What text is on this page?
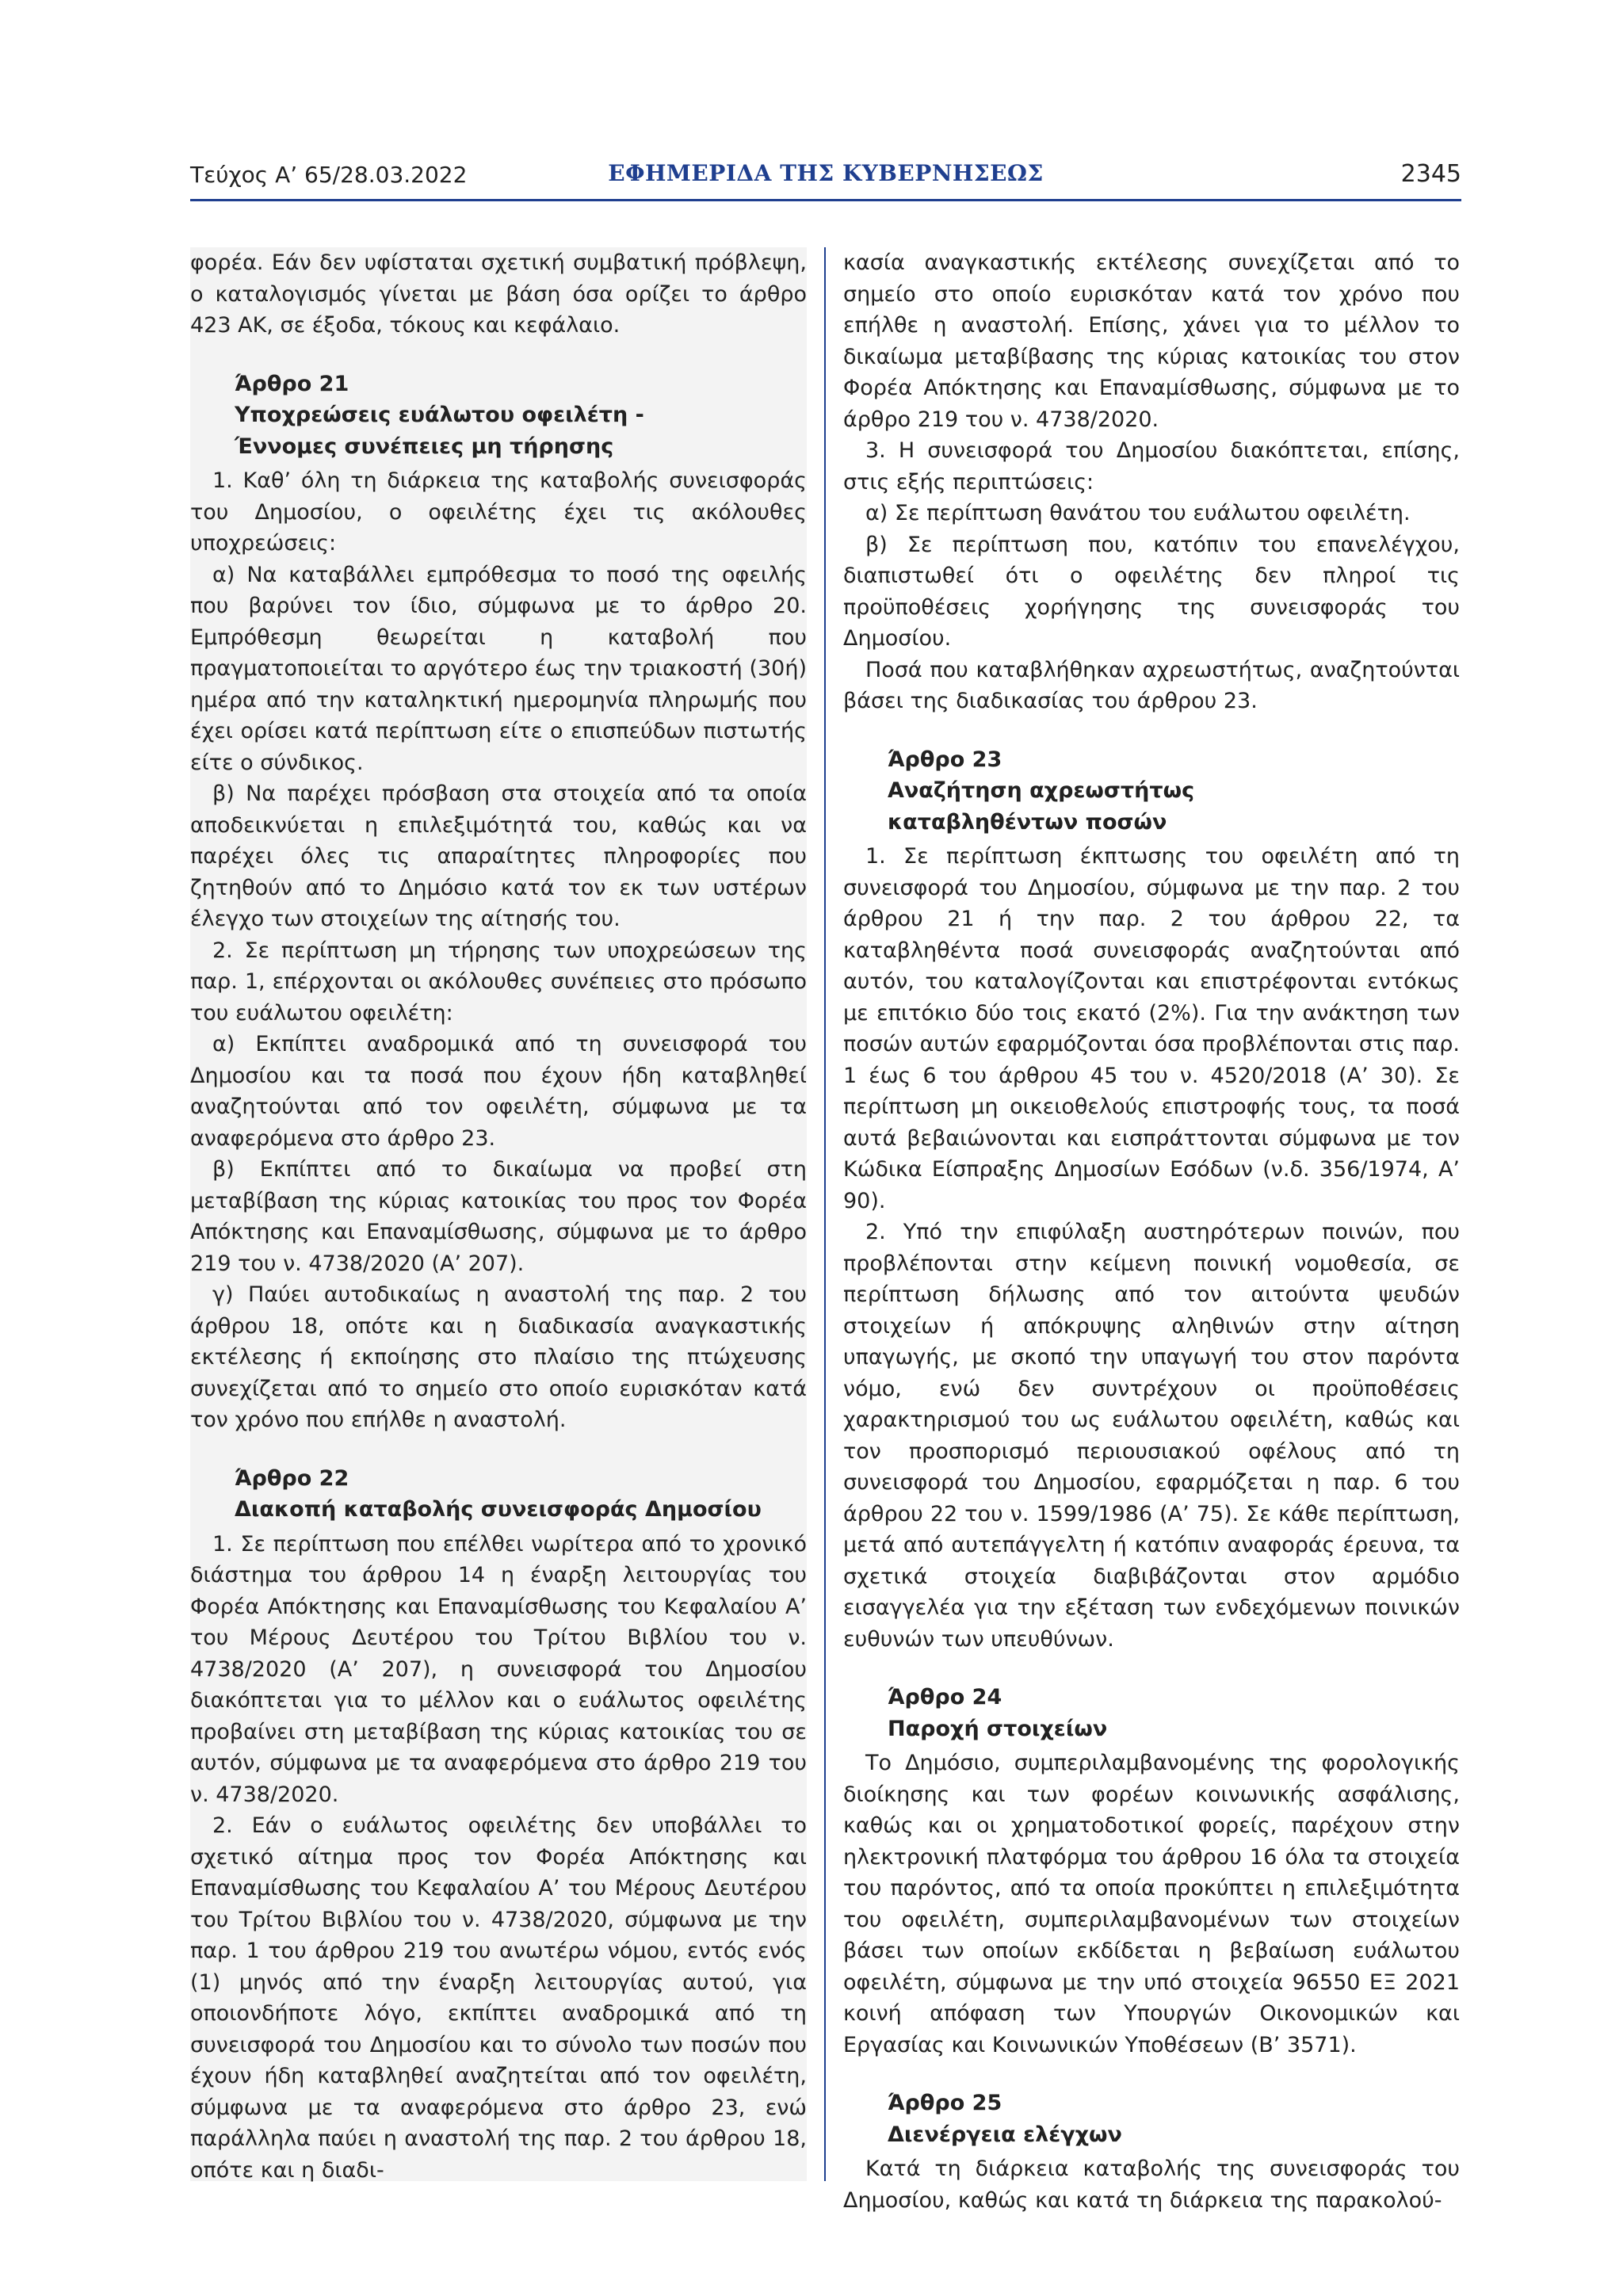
Τεύχος Α’ 65/28.03.2022	ΕΦΗΜΕΡΙΔΑ ΤΗΣ ΚΥΒΕΡΝΗΣΕΩΣ	2345

φορέα. Εάν δεν υφίσταται σχετική συμβατική πρόβλεψη, ο καταλογισμός γίνεται με βάση όσα ορίζει το άρθρο 423 ΑΚ, σε έξοδα, τόκους και κεφάλαιο.

Άρθρο 21
Υποχρεώσεις ευάλωτου οφειλέτη -
Έννομες συνέπειες μη τήρησης

1. Καθ’ όλη τη διάρκεια της καταβολής συνεισφοράς του Δημοσίου, ο οφειλέτης έχει τις ακόλουθες υποχρεώσεις:

α) Να καταβάλλει εμπρόθεσμα το ποσό της οφειλής που βαρύνει τον ίδιο, σύμφωνα με το άρθρο 20. Εμπρόθεσμη θεωρείται η καταβολή που πραγματοποιείται το αργότερο έως την τριακοστή (30ή) ημέρα από την καταληκτική ημερομηνία πληρωμής που έχει ορίσει κατά περίπτωση είτε ο επισπεύδων πιστωτής είτε ο σύνδικος.

β) Να παρέχει πρόσβαση στα στοιχεία από τα οποία αποδεικνύεται η επιλεξιμότητά του, καθώς και να παρέχει όλες τις απαραίτητες πληροφορίες που ζητηθούν από το Δημόσιο κατά τον εκ των υστέρων έλεγχο των στοιχείων της αίτησής του.

2. Σε περίπτωση μη τήρησης των υποχρεώσεων της παρ. 1, επέρχονται οι ακόλουθες συνέπειες στο πρόσωπο του ευάλωτου οφειλέτη:

α) Εκπίπτει αναδρομικά από τη συνεισφορά του Δημοσίου και τα ποσά που έχουν ήδη καταβληθεί αναζητούνται από τον οφειλέτη, σύμφωνα με τα αναφερόμενα στο άρθρο 23.

β) Εκπίπτει από το δικαίωμα να προβεί στη μεταβίβαση της κύριας κατοικίας του προς τον Φορέα Απόκτησης και Επαναμίσθωσης, σύμφωνα με το άρθρο 219 του ν. 4738/2020 (Α’ 207).

γ) Παύει αυτοδικαίως η αναστολή της παρ. 2 του άρθρου 18, οπότε και η διαδικασία αναγκαστικής εκτέλεσης ή εκποίησης στο πλαίσιο της πτώχευσης συνεχίζεται από το σημείο στο οποίο ευρισκόταν κατά τον χρόνο που επήλθε η αναστολή.

Άρθρο 22
Διακοπή καταβολής συνεισφοράς Δημοσίου

1. Σε περίπτωση που επέλθει νωρίτερα από το χρονικό διάστημα του άρθρου 14 η έναρξη λειτουργίας του Φορέα Απόκτησης και Επαναμίσθωσης του Κεφαλαίου Α’ του Μέρους Δευτέρου του Τρίτου Βιβλίου του ν. 4738/2020 (Α’ 207), η συνεισφορά του Δημοσίου διακόπτεται για το μέλλον και ο ευάλωτος οφειλέτης προβαίνει στη μεταβίβαση της κύριας κατοικίας του σε αυτόν, σύμφωνα με τα αναφερόμενα στο άρθρο 219 του ν. 4738/2020.

2. Εάν ο ευάλωτος οφειλέτης δεν υποβάλλει το σχετικό αίτημα προς τον Φορέα Απόκτησης και Επαναμίσθωσης του Κεφαλαίου Α’ του Μέρους Δευτέρου του Τρίτου Βιβλίου του ν. 4738/2020, σύμφωνα με την παρ. 1 του άρθρου 219 του ανωτέρω νόμου, εντός ενός (1) μηνός από την έναρξη λειτουργίας αυτού, για οποιονδήποτε λόγο, εκπίπτει αναδρομικά από τη συνεισφορά του Δημοσίου και το σύνολο των ποσών που έχουν ήδη καταβληθεί αναζητείται από τον οφειλέτη, σύμφωνα με τα αναφερόμενα στο άρθρο 23, ενώ παράλληλα παύει η αναστολή της παρ. 2 του άρθρου 18, οπότε και η διαδι-

κασία αναγκαστικής εκτέλεσης συνεχίζεται από το σημείο στο οποίο ευρισκόταν κατά τον χρόνο που επήλθε η αναστολή. Επίσης, χάνει για το μέλλον το δικαίωμα μεταβίβασης της κύριας κατοικίας του στον Φορέα Απόκτησης και Επαναμίσθωσης, σύμφωνα με το άρθρο 219 του ν. 4738/2020.

3. Η συνεισφορά του Δημοσίου διακόπτεται, επίσης, στις εξής περιπτώσεις:

α) Σε περίπτωση θανάτου του ευάλωτου οφειλέτη.

β) Σε περίπτωση που, κατόπιν του επανελέγχου, διαπιστωθεί ότι ο οφειλέτης δεν πληροί τις προϋποθέσεις χορήγησης της συνεισφοράς του Δημοσίου.

Ποσά που καταβλήθηκαν αχρεωστήτως, αναζητούνται βάσει της διαδικασίας του άρθρου 23.

Άρθρο 23
Αναζήτηση αχρεωστήτως
καταβληθέντων ποσών

1. Σε περίπτωση έκπτωσης του οφειλέτη από τη συνεισφορά του Δημοσίου, σύμφωνα με την παρ. 2 του άρθρου 21 ή την παρ. 2 του άρθρου 22, τα καταβληθέντα ποσά συνεισφοράς αναζητούνται από αυτόν, του καταλογίζονται και επιστρέφονται εντόκως με επιτόκιο δύο τοις εκατό (2%). Για την ανάκτηση των ποσών αυτών εφαρμόζονται όσα προβλέπονται στις παρ. 1 έως 6 του άρθρου 45 του ν. 4520/2018 (Α’ 30). Σε περίπτωση μη οικειοθελούς επιστροφής τους, τα ποσά αυτά βεβαιώνονται και εισπράττονται σύμφωνα με τον Κώδικα Είσπραξης Δημοσίων Εσόδων (ν.δ. 356/1974, Α’ 90).

2. Υπό την επιφύλαξη αυστηρότερων ποινών, που προβλέπονται στην κείμενη ποινική νομοθεσία, σε περίπτωση δήλωσης από τον αιτούντα ψευδών στοιχείων ή απόκρυψης αληθινών στην αίτηση υπαγωγής, με σκοπό την υπαγωγή του στον παρόντα νόμο, ενώ δεν συντρέχουν οι προϋποθέσεις χαρακτηρισμού του ως ευάλωτου οφειλέτη, καθώς και τον προσπορισμό περιουσιακού οφέλους από τη συνεισφορά του Δημοσίου, εφαρμόζεται η παρ. 6 του άρθρου 22 του ν. 1599/1986 (Α’ 75). Σε κάθε περίπτωση, μετά από αυτεπάγγελτη ή κατόπιν αναφοράς έρευνα, τα σχετικά στοιχεία διαβιβάζονται στον αρμόδιο εισαγγελέα για την εξέταση των ενδεχόμενων ποινικών ευθυνών των υπευθύνων.

Άρθρο 24
Παροχή στοιχείων

Το Δημόσιο, συμπεριλαμβανομένης της φορολογικής διοίκησης και των φορέων κοινωνικής ασφάλισης, καθώς και οι χρηματοδοτικοί φορείς, παρέχουν στην ηλεκτρονική πλατφόρμα του άρθρου 16 όλα τα στοιχεία του παρόντος, από τα οποία προκύπτει η επιλεξιμότητα του οφειλέτη, συμπεριλαμβανομένων των στοιχείων βάσει των οποίων εκδίδεται η βεβαίωση ευάλωτου οφειλέτη, σύμφωνα με την υπό στοιχεία 96550 ΕΞ 2021 κοινή απόφαση των Υπουργών Οικονομικών και Εργασίας και Κοινωνικών Υποθέσεων (Β’ 3571).

Άρθρο 25
Διενέργεια ελέγχων

Κατά τη διάρκεια καταβολής της συνεισφοράς του Δημοσίου, καθώς και κατά τη διάρκεια της παρακολού-
